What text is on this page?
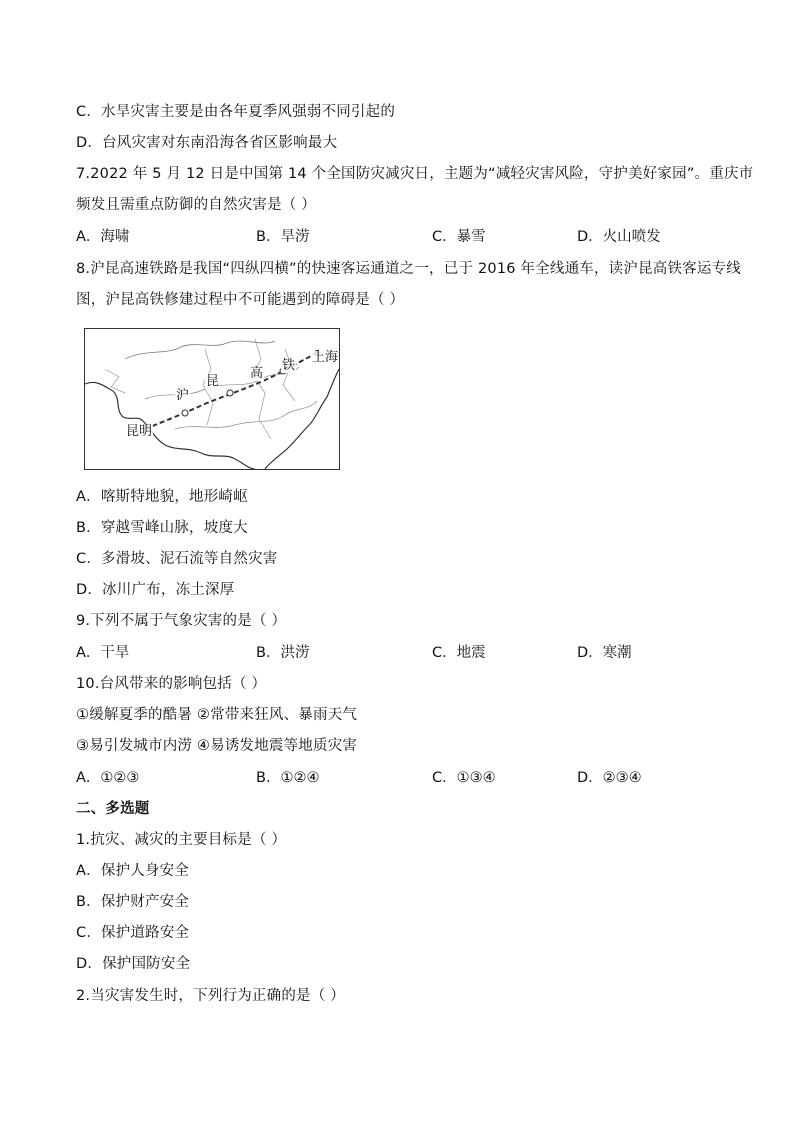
C．水旱灾害主要是由各年夏季风强弱不同引起的
D．台风灾害对东南沿海各省区影响最大
7.2022 年 5 月 12 日是中国第 14 个全国防灾减灾日，主题为“减轻灾害风险，守护美好家园”。重庆市
频发且需重点防御的自然灾害是（ ）
A．海啸	B．旱涝	C．暴雪	D．火山喷发
8.沪昆高速铁路是我国“四纵四横”的快速客运通道之一，已于 2016 年全线通车，读沪昆高铁客运专线
图，沪昆高铁修建过程中不可能遇到的障碍是（ ）
沪
昆
高
铁
上海
昆明
A．喀斯特地貌，地形崎岖
B．穿越雪峰山脉，坡度大
C．多滑坡、泥石流等自然灾害
D．冰川广布，冻土深厚
9.下列不属于气象灾害的是（ ）
A．干旱	B．洪涝	C．地震	D．寒潮
10.台风带来的影响包括（ ）
①缓解夏季的酷暑 ②常带来狂风、暴雨天气
③易引发城市内涝 ④易诱发地震等地质灾害
A．①②③	B．①②④	C．①③④	D．②③④
二、多选题
1.抗灾、减灾的主要目标是（ ）
A．保护人身安全
B．保护财产安全
C．保护道路安全
D．保护国防安全
2.当灾害发生时，下列行为正确的是（ ）
